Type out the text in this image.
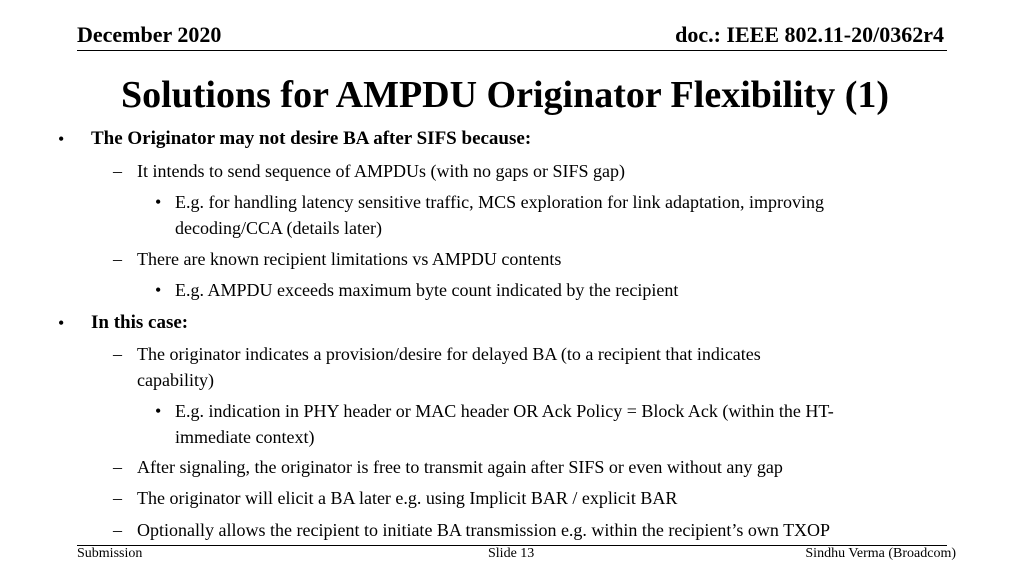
December 2020	doc.: IEEE 802.11-20/0362r4
Solutions for AMPDU Originator Flexibility (1)
• The Originator may not desire BA after SIFS because:
– It intends to send sequence of AMPDUs (with no gaps or SIFS gap)
• E.g. for handling latency sensitive traffic, MCS exploration for link adaptation, improving
decoding/CCA (details later)
– There are known recipient limitations vs AMPDU contents
• E.g. AMPDU exceeds maximum byte count indicated by the recipient
• In this case:
– The originator indicates a provision/desire for delayed BA (to a recipient that indicates
capability)
• E.g. indication in PHY header or MAC header OR Ack Policy = Block Ack (within the HT-
immediate context)
– After signaling, the originator is free to transmit again after SIFS or even without any gap
– The originator will elicit a BA later e.g. using Implicit BAR / explicit BAR
– Optionally allows the recipient to initiate BA transmission e.g. within the recipient’s own TXOP
Submission	Slide 13	Sindhu Verma (Broadcom)
